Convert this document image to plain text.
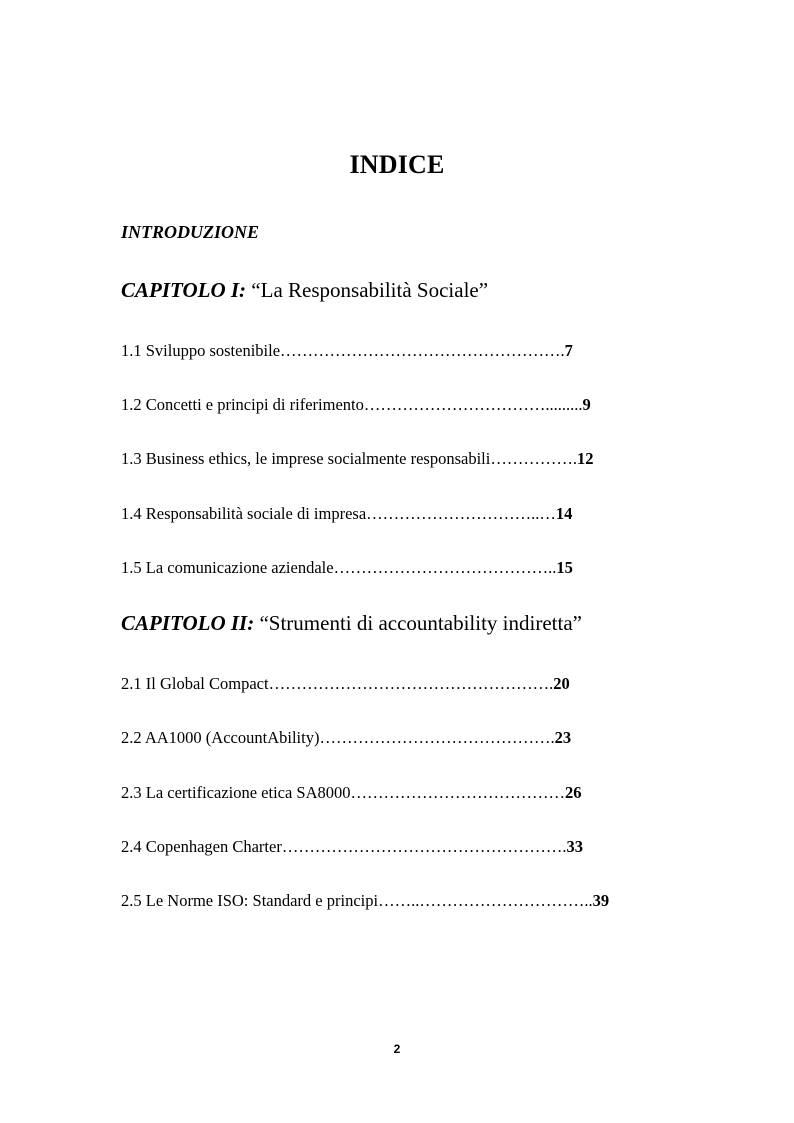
INDICE

INTRODUZIONE

CAPITOLO I: “La Responsabilità Sociale”

1.1 Sviluppo sostenibile…………………………………………….7

1.2 Concetti e principi di riferimento…………………………….........9

1.3 Business ethics, le imprese socialmente responsabili…………….12

1.4 Responsabilità sociale di impresa…………………………..…14

1.5 La comunicazione aziendale…………………………………..15

CAPITOLO II: “Strumenti di accountability indiretta”

2.1 Il Global Compact…………………………………………….20

2.2 AA1000 (AccountAbility)…………………………………….23

2.3 La certificazione etica SA8000…………………………………26

2.4 Copenhagen Charter…………………………………………….33

2.5 Le Norme ISO: Standard e principi……..…………………………..39

2
